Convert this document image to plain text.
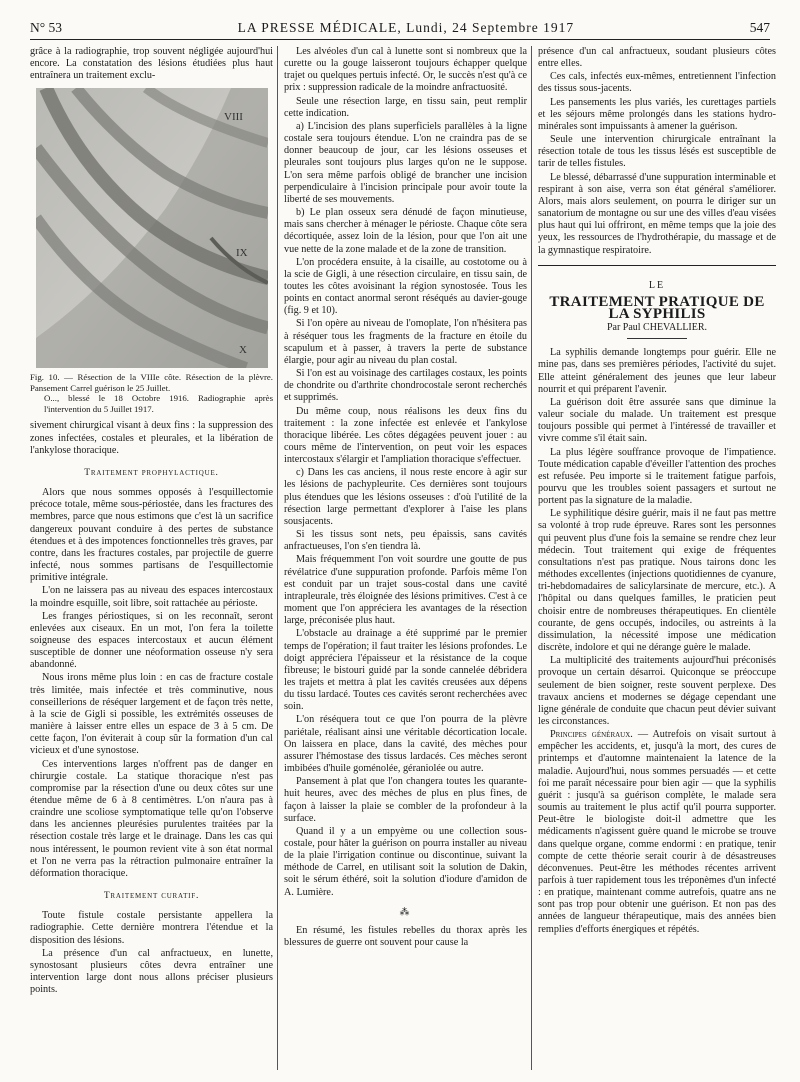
N° 53	LA PRESSE MÉDICALE, Lundi, 24 Septembre 1917	547

grâce à la radiographie, trop souvent négligée aujourd'hui encore. La constatation des lésions étudiées plus haut entraînera un traitement exclu-

VIII
IX
X
Fig. 10. — Résection de la VIIIe côte. Résection de la plèvre. Pansement Carrel guérison le 25 Juillet.
O..., blessé le 18 Octobre 1916. Radiographie après l'intervention du 5 Juillet 1917.

sivement chirurgical visant à deux fins : la suppression des zones infectées, costales et pleurales, et la libération de l'ankylose thoracique.

Traitement prophylactique.

Alors que nous sommes opposés à l'esquillectomie précoce totale, même sous-périostée, dans les fractures des membres, parce que nous estimons que c'est là un sacrifice dangereux pouvant conduire à des pertes de substance étendues et à des impotences fonctionnelles très graves, par contre, dans les fractures costales, par projectile de guerre infecté, nous sommes partisans de l'esquillectomie primitive intégrale.

L'on ne laissera pas au niveau des espaces intercostaux la moindre esquille, soit libre, soit rattachée au périoste.

Les franges périostiques, si on les reconnaît, seront enlevées aux ciseaux. En un mot, l'on fera la toilette soigneuse des espaces intercostaux et aucun élément susceptible de donner une néoformation osseuse n'y sera abandonné.

Nous irons même plus loin : en cas de fracture costale très limitée, mais infectée et très comminutive, nous conseillerions de réséquer largement et de façon très nette, à la scie de Gigli si possible, les extrémités osseuses de manière à laisser entre elles un espace de 3 à 5 cm. De cette façon, l'on éviterait à coup sûr la formation d'un cal vicieux et d'une synostose.

Ces interventions larges n'offrent pas de danger en chirurgie costale. La statique thoracique n'est pas compromise par la résection d'une ou deux côtes sur une étendue même de 6 à 8 centimètres. L'on n'aura pas à craindre une scoliose symptomatique telle qu'on l'observe dans les anciennes pleurésies purulentes traitées par la résection costale très large et le drainage. Dans les cas qui nous intéressent, le poumon revient vite à son état normal et l'on ne verra pas la rétraction pulmonaire entraîner la déformation thoracique.

Traitement curatif.

Toute fistule costale persistante appellera la radiographie. Cette dernière montrera l'étendue et la disposition des lésions.

La présence d'un cal anfractueux, en lunette, synostosant plusieurs côtes devra entraîner une intervention large dont nous allons préciser plusieurs points.

Les alvéoles d'un cal à lunette sont si nombreux que la curette ou la gouge laisseront toujours échapper quelque trajet ou quelques pertuis infecté. Or, le succès n'est qu'à ce prix : suppression radicale de la moindre anfractuosité.

Seule une résection large, en tissu sain, peut remplir cette indication.

a) L'incision des plans superficiels parallèles à la ligne costale sera toujours étendue. L'on ne craindra pas de se donner beaucoup de jour, car les lésions osseuses et pleurales sont toujours plus larges qu'on ne le suppose. L'on sera même parfois obligé de brancher une incision perpendiculaire à l'incision principale pour avoir toute la liberté de ses mouvements.

b) Le plan osseux sera dénudé de façon minutieuse, mais sans chercher à ménager le périoste. Chaque côte sera décortiquée, assez loin de la lésion, pour que l'on ait une vue nette de la zone malade et de la zone de transition.

L'on procédera ensuite, à la cisaille, au costotome ou à la scie de Gigli, à une résection circulaire, en tissu sain, de toutes les côtes avoisinant la région synostosée. Tous les points en contact anormal seront réséqués au davier-gouge (fig. 9 et 10).

Si l'on opère au niveau de l'omoplate, l'on n'hésitera pas à réséquer tous les fragments de la fracture en étoile du scapulum et à passer, à travers la perte de substance élargie, pour agir au niveau du plan costal.

Si l'on est au voisinage des cartilages costaux, les points de chondrite ou d'arthrite chondrocostale seront recherchés et supprimés.

Du même coup, nous réalisons les deux fins du traitement : la zone infectée est enlevée et l'ankylose thoracique libérée. Les côtes dégagées peuvent jouer : au cours même de l'intervention, on peut voir les espaces intercostaux s'élargir et l'ampliation thoracique s'effectuer.

c) Dans les cas anciens, il nous reste encore à agir sur les lésions de pachypleurite. Ces dernières sont toujours plus étendues que les lésions osseuses : d'où l'utilité de la résection large permettant d'explorer à l'aise les plans sousjacents.

Si les tissus sont nets, peu épaissis, sans cavités anfractueuses, l'on s'en tiendra là.

Mais fréquemment l'on voit sourdre une goutte de pus révélatrice d'une suppuration profonde. Parfois même l'on est conduit par un trajet sous-costal dans une cavité intrapleurale, très éloignée des lésions primitives. C'est à ce moment que l'on appréciera les avantages de la résection large, préconisée plus haut.

L'obstacle au drainage a été supprimé par le premier temps de l'opération; il faut traiter les lésions profondes. Le doigt appréciera l'épaisseur et la résistance de la coque fibreuse; le bistouri guidé par la sonde cannelée débridera les trajets et mettra à plat les cavités creusées aux dépens du tissu lardacé. Toutes ces cavités seront recherchées avec soin.

L'on réséquera tout ce que l'on pourra de la plèvre pariétale, réalisant ainsi une véritable décortication locale. On laissera en place, dans la cavité, des mèches pour assurer l'hémostase des tissus lardacés. Ces mèches seront imbibées d'huile goménolée, géraniolée ou autre.

Pansement à plat que l'on changera toutes les quarante-huit heures, avec des mèches de plus en plus fines, de façon à laisser la plaie se combler de la profondeur à la surface.

Quand il y a un empyème ou une collection sous-costale, pour hâter la guérison on pourra installer au niveau de la plaie l'irrigation continue ou discontinue, suivant la méthode de Carrel, en utilisant soit la solution de Dakin, soit le sérum éthéré, soit la solution d'iodure d'amidon de A. Lumière.

⁂

En résumé, les fistules rebelles du thorax après les blessures de guerre ont souvent pour cause la

présence d'un cal anfractueux, soudant plusieurs côtes entre elles.

Ces cals, infectés eux-mêmes, entretiennent l'infection des tissus sous-jacents.

Les pansements les plus variés, les curettages partiels et les séjours même prolongés dans les stations hydro-minérales sont impuissants à amener la guérison.

Seule une intervention chirurgicale entraînant la résection totale de tous les tissus lésés est susceptible de tarir de telles fistules.

Le blessé, débarrassé d'une suppuration interminable et respirant à son aise, verra son état général s'améliorer. Alors, mais alors seulement, on pourra le diriger sur un sanatorium de montagne ou sur une des villes d'eau visées plus haut qui lui offriront, en même temps que la joie des yeux, les ressources de l'hydrothérapie, du massage et de la gymnastique respiratoire.

LE
TRAITEMENT PRATIQUE DE LA SYPHILIS
Par Paul CHEVALLIER.

La syphilis demande longtemps pour guérir. Elle ne mine pas, dans ses premières périodes, l'activité du sujet. Elle atteint généralement des jeunes que leur labeur nourrit et qui préparent l'avenir.

La guérison doit être assurée sans que diminue la valeur sociale du malade. Un traitement est presque toujours possible qui permet à l'intéressé de travailler et vivre comme s'il était sain.

La plus légère souffrance provoque de l'impatience. Toute médication capable d'éveiller l'attention des proches est refusée. Peu importe si le traitement fatigue parfois, pourvu que les troubles soient passagers et surtout ne portent pas la signature de la maladie.

Le syphilitique désire guérir, mais il ne faut pas mettre sa volonté à trop rude épreuve. Rares sont les personnes qui peuvent plus d'une fois la semaine se rendre chez leur médecin. Tout traitement qui exige de fréquentes consultations n'est pas pratique. Nous tairons donc les méthodes excellentes (injections quotidiennes de cyanure, tri-hebdomadaires de salicylarsinate de mercure, etc.). A l'hôpital ou dans quelques familles, le praticien peut choisir entre de nombreuses thérapeutiques. En clientèle courante, de gens occupés, indociles, ou astreints à la dissimulation, la nécessité impose une médication discrète, indolore et qui ne dérange guère le malade.

La multiplicité des traitements aujourd'hui préconisés provoque un certain désarroi. Quiconque se préoccupe seulement de bien soigner, reste souvent perplexe. Des travaux anciens et modernes se dégage cependant une ligne générale de conduite que chacun peut dévier suivant les circonstances.

Principes généraux. — Autrefois on visait surtout à empêcher les accidents, et, jusqu'à la mort, des cures de printemps et d'automne maintenaient la latence de la maladie. Aujourd'hui, nous sommes persuadés — et cette foi me paraît nécessaire pour bien agir — que la syphilis guérit : jusqu'à sa guérison complète, le malade sera soumis au traitement le plus actif qu'il pourra supporter. Peut-être le biologiste doit-il admettre que les médicaments n'agissent guère quand le microbe se trouve dans quelque organe, comme endormi : en pratique, tenir compte de cette théorie serait courir à de désastreuses déconvenues. Peut-être les méthodes récentes arrivent parfois à tuer rapidement tous les tréponèmes d'un infecté : en pratique, maintenant comme autrefois, quatre ans ne sont pas trop pour obtenir une guérison. Et non pas des années de langueur thérapeutique, mais des années bien remplies d'efforts énergiques et répétés.
